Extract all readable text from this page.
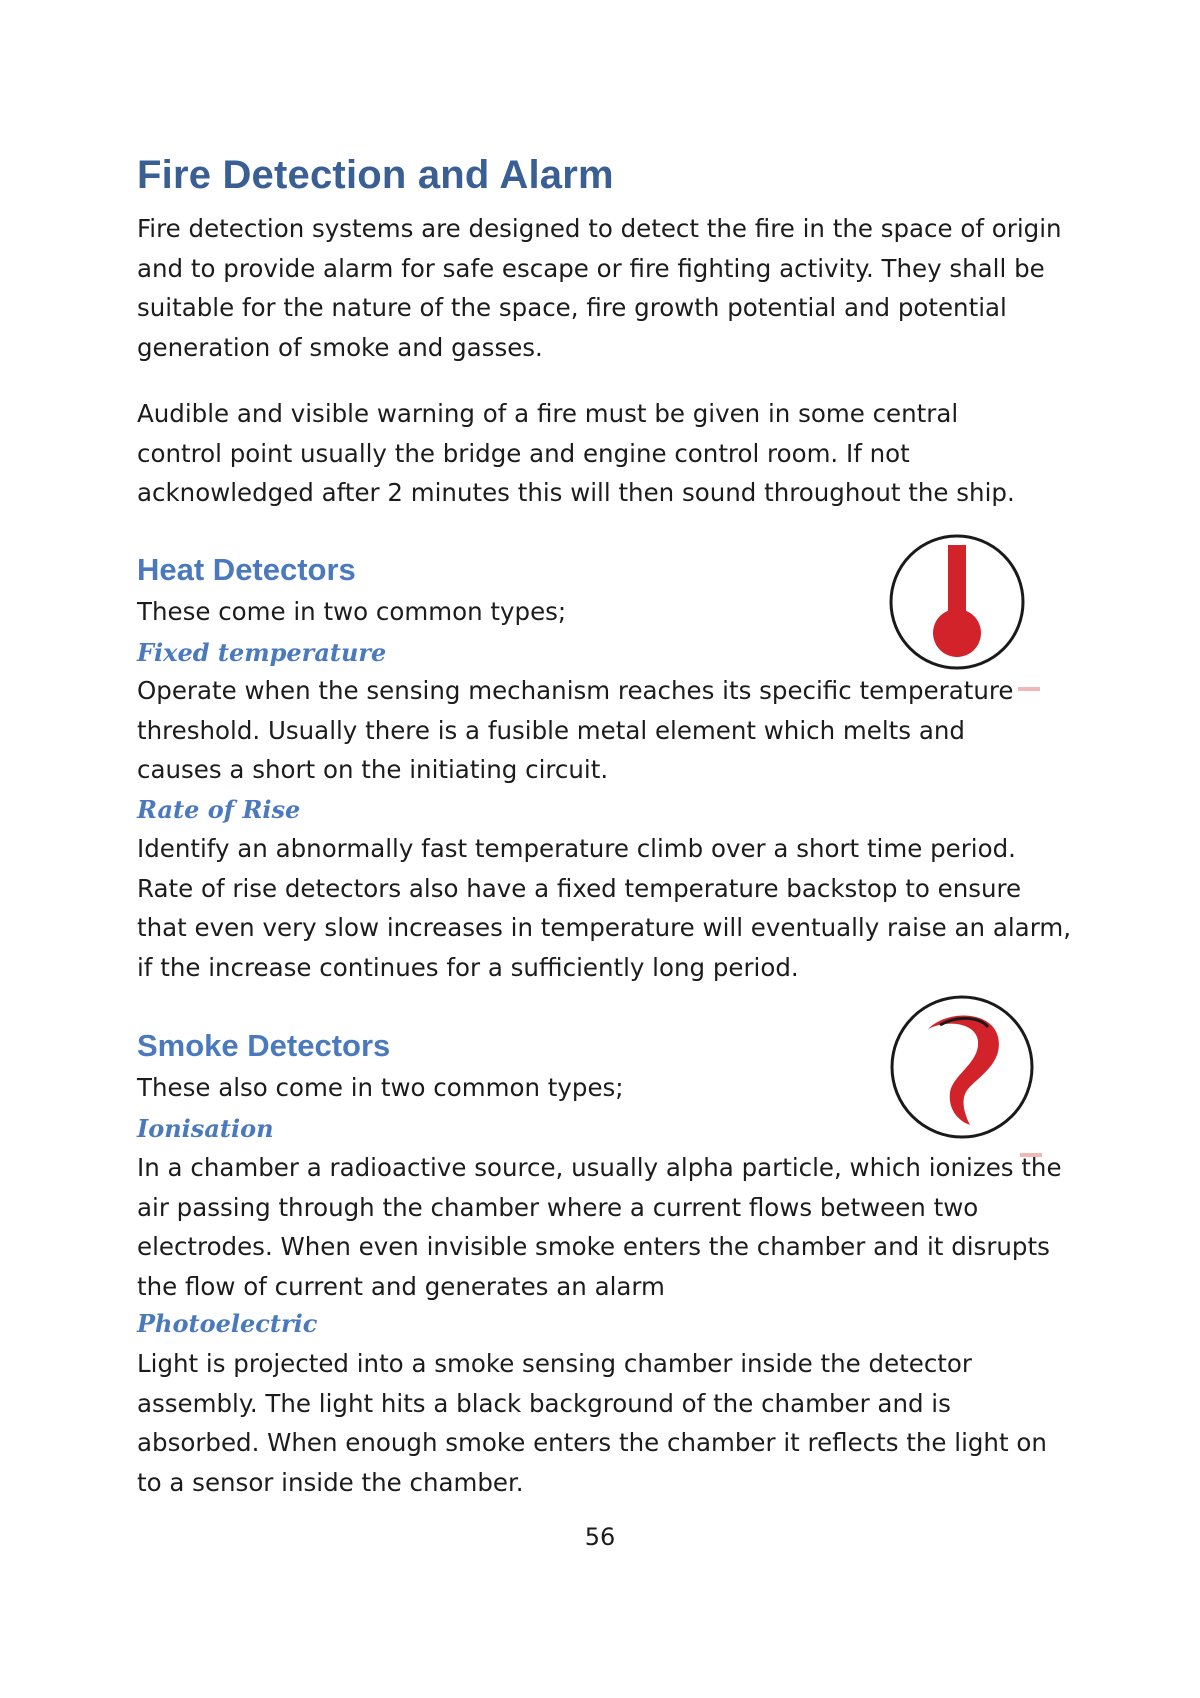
Fire Detection and Alarm

Fire detection systems are designed to detect the fire in the space of origin and to provide alarm for safe escape or fire fighting activity. They shall be suitable for the nature of the space, fire growth potential and potential generation of smoke and gasses.

Audible and visible warning of a fire must be given in some central control point usually the bridge and engine control room. If not acknowledged after 2 minutes this will then sound throughout the ship.

Heat Detectors

These come in two common types;

Fixed temperature

Operate when the sensing mechanism reaches its specific temperature threshold. Usually there is a fusible metal element which melts and causes a short on the initiating circuit.

Rate of Rise

Identify an abnormally fast temperature climb over a short time period. Rate of rise detectors also have a fixed temperature backstop to ensure that even very slow increases in temperature will eventually raise an alarm, if the increase continues for a sufficiently long period.

Smoke Detectors

These also come in two common types;

Ionisation

In a chamber a radioactive source, usually alpha particle, which ionizes the air passing through the chamber where a current flows between two electrodes. When even invisible smoke enters the chamber and it disrupts the flow of current and generates an alarm

Photoelectric

Light is projected into a smoke sensing chamber inside the detector assembly. The light hits a black background of the chamber and is absorbed. When enough smoke enters the chamber it reflects the light on to a sensor inside the chamber.

56
